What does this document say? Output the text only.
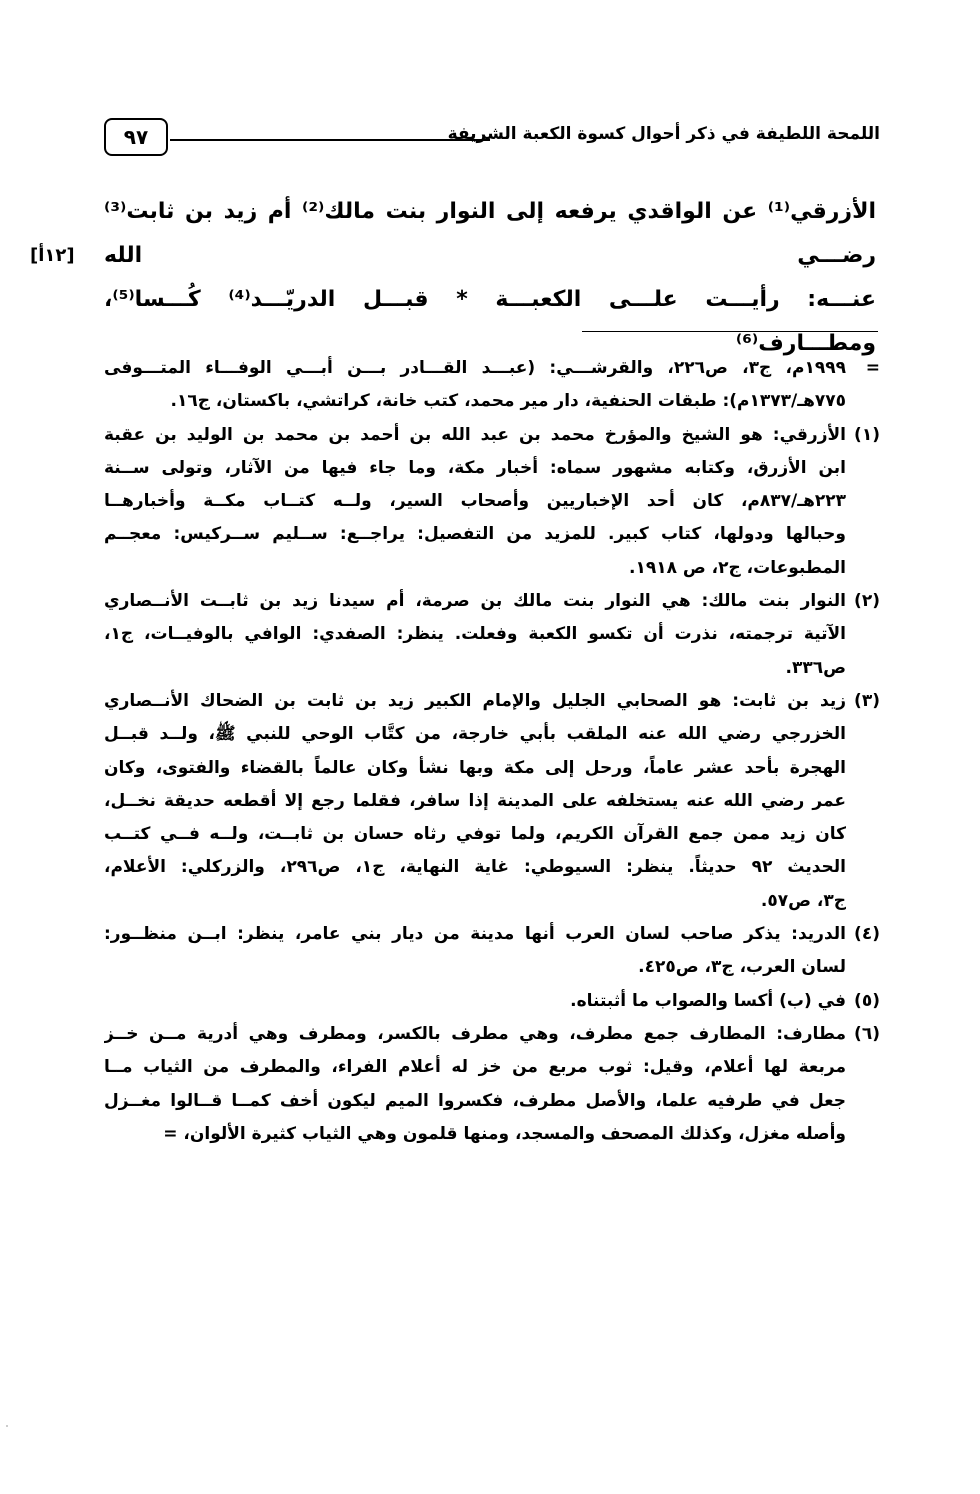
اللمحة اللطيفة في ذكر أحوال كسوة الكعبة الشريفة
٩٧

الأزرقي⁽¹⁾ عن الواقدي يرفعه إلى النوار بنت مالك⁽²⁾ أم زيد بن ثابت⁽³⁾ رضـــي الله

عنـــه: رأيـــت علـــى الكعبـــة * قبـــل الدريّـــد⁽⁴⁾ كُـــسا⁽⁵⁾، ومطـــارف⁽⁶⁾

[١٢أ]
=
١٩٩٩م، ج٣، ص٢٢٦، والقرشـــي: (عبـــد القـــادر بـــن أبـــي الوفـــاء المتـــوفى
٧٧٥هـ/١٣٧٣م): طبقات الحنفية، دار مير محمد، كتب خانة، كراتشي، باكستان، ج١٦.
(١)
الأزرقي: هو الشيخ والمؤرخ محمد بن عبد الله بن أحمد بن محمد بن الوليد بن عقبة
ابن الأزرق، وكتابه مشهور سماه: أخبار مكة، وما جاء فيها من الآثار، وتولى ســنة
٢٢٣هـ/٨٣٧م، كان أحد الإخباريين وأصحاب السير، ولــه كتــاب مكــة وأخبارهــا
وحبالها ودولها، كتاب كبير. للمزيد من التفصيل: يراجــع: ســليم ســركيس: معجــم
المطبوعات، ج٢، ص ١٩١٨.
(٢)
النوار بنت مالك: هي النوار بنت مالك بن صرمة، أم سيدنا زيد بن ثابــت الأنــصاري
الآتية ترجمته، نذرت أن تكسو الكعبة وفعلت. ينظر: الصفدي: الوافي بالوفيــات، ج١،
ص٣٣٦.
(٣)
زيد بن ثابت: هو الصحابي الجليل والإمام الكبير زيد بن ثابت بن الضحاك الأنــصاري
الخزرجي رضي الله عنه الملقب بأبي خارجة، من كتَّاب الوحي للنبي ﷺ، ولــد قبــل
الهجرة بأحد عشر عاماً، ورحل إلى مكة وبها نشأ وكان عالماً بالقضاء والفتوى، وكان
عمر رضي الله عنه يستخلفه على المدينة إذا سافر، فقلما رجع إلا أقطعه حديقة نخــل،
كان زيد ممن جمع القرآن الكريم، ولما توفي رثاه حسان بن ثابــت، ولــه فــي كتــب
الحديث ٩٢ حديثاً. ينظر: السيوطي: غاية النهاية، ج١، ص٢٩٦، والزركلي: الأعلام،
ج٣، ص٥٧.
(٤)
الدريد: يذكر صاحب لسان العرب أنها مدينة من ديار بني عامر، ينظر: ابــن منظــور:
لسان العرب، ج٣، ص٤٢٥.
(٥)
في (ب) أكسا والصواب ما أثبتناه.
(٦)
مطارف: المطارف جمع مطرف، وهي مطرف بالكسر، ومطرف وهي أدرية مــن خــز
مربعة لها أعلام، وقيل: ثوب مربع من خز له أعلام الفراء، والمطرف من الثياب مــا
جعل في طرفيه علما، والأصل مطرف، فكسروا الميم ليكون أخف كمــا قــالوا مغــزل
وأصله مغزل، وكذلك المصحف والمسجد، ومنها قلمون وهي الثياب كثيرة الألوان، =
